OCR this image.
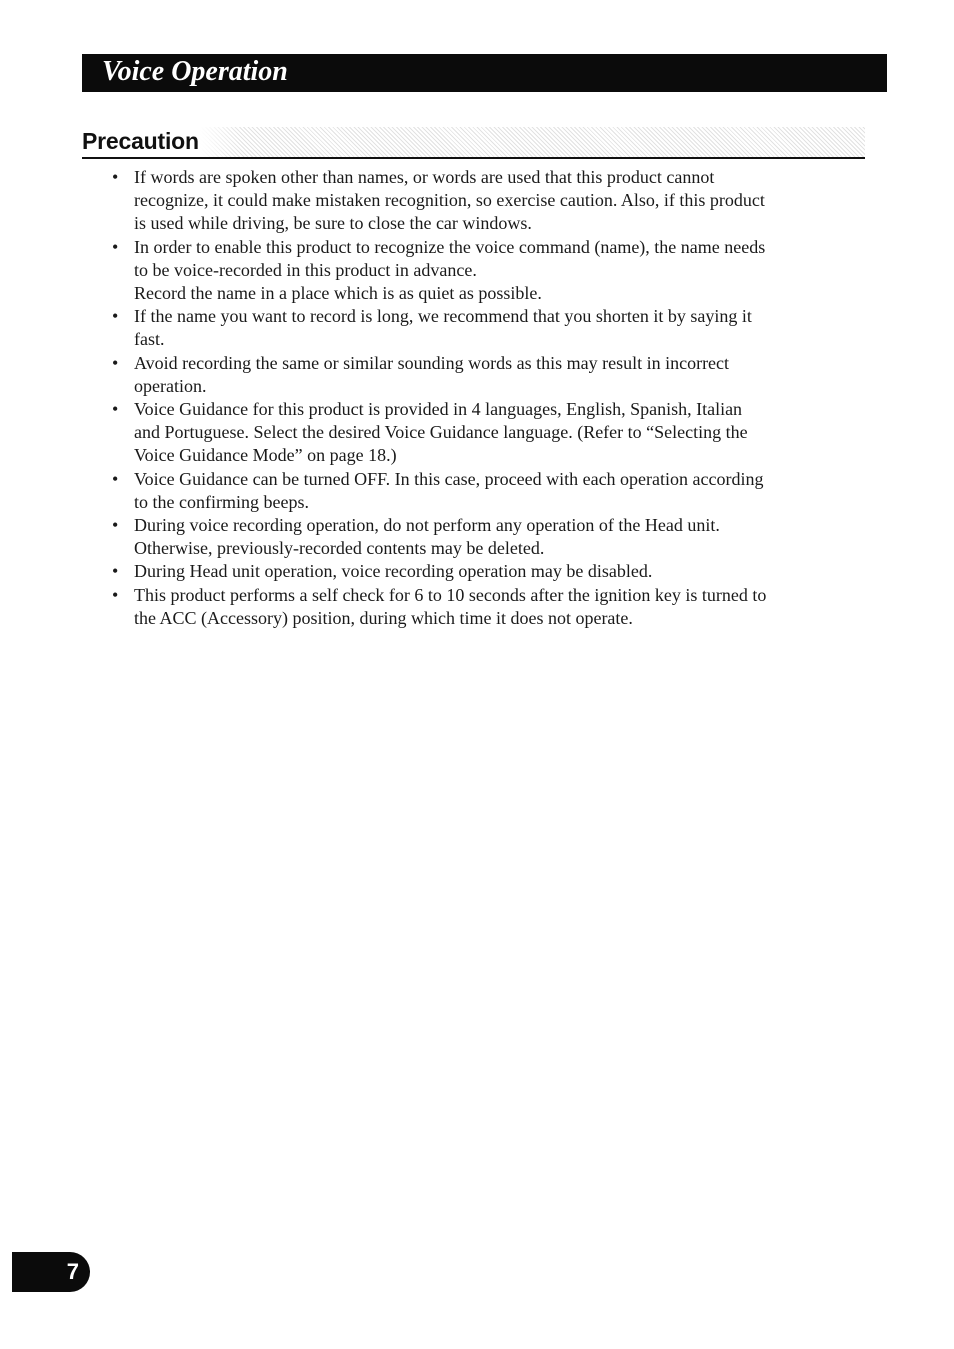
Voice Operation
Precaution
• If words are spoken other than names, or words are used that this product cannot
recognize, it could make mistaken recognition, so exercise caution. Also, if this product
is used while driving, be sure to close the car windows.
• In order to enable this product to recognize the voice command (name), the name needs
to be voice-recorded in this product in advance.
Record the name in a place which is as quiet as possible.
• If the name you want to record is long, we recommend that you shorten it by saying it
fast.
• Avoid recording the same or similar sounding words as this may result in incorrect
operation.
• Voice Guidance for this product is provided in 4 languages, English, Spanish, Italian
and Portuguese. Select the desired Voice Guidance language. (Refer to “Selecting the
Voice Guidance Mode” on page 18.)
• Voice Guidance can be turned OFF. In this case, proceed with each operation according
to the confirming beeps.
• During voice recording operation, do not perform any operation of the Head unit.
Otherwise, previously-recorded contents may be deleted.
• During Head unit operation, voice recording operation may be disabled.
• This product performs a self check for 6 to 10 seconds after the ignition key is turned to
the ACC (Accessory) position, during which time it does not operate.
7
